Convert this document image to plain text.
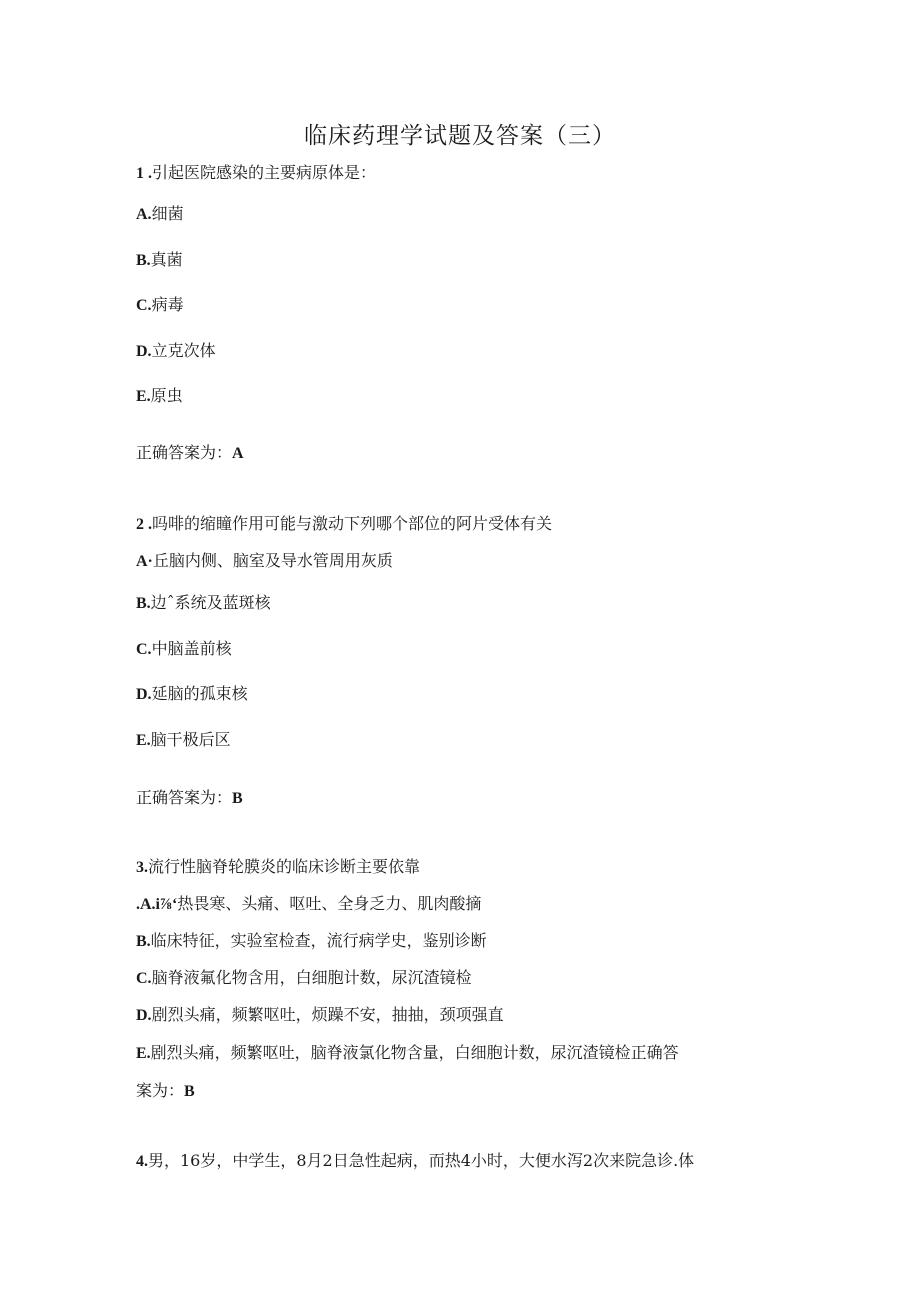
临床药理学试题及答案（三）
1 .引起医院感染的主要病原体是：
A.细菌
B.真菌
C.病毒
D.立克次体
E.原虫
正确答案为：A
2 .吗啡的缩瞳作用可能与激动下列哪个部位的阿片受体有关
A·丘脑内侧、脑室及导水管周用灰质
B.边ˆ系统及蓝斑核
C.中脑盖前核
D.延脑的孤束核
E.脑干极后区
正确答案为：B
3.流行性脑脊轮膜炎的临床诊断主要依靠
.A.i⅞‘热畏寒、头痛、呕吐、全身乏力、肌肉酸摘
B.临床特征，实验室检查，流行病学史，鉴别诊断
C.脑脊液氟化物含用，白细胞计数，尿沉渣镜检
D.剧烈头痛，频繁呕吐，烦躁不安，抽抽，颈项强直
E.剧烈头痛，频繁呕吐，脑脊液氯化物含量，白细胞计数，尿沉渣镜检正确答
案为：B
4.男，16岁，中学生，8月2日急性起病，而热4小时，大便水泻2次来院急诊.体
